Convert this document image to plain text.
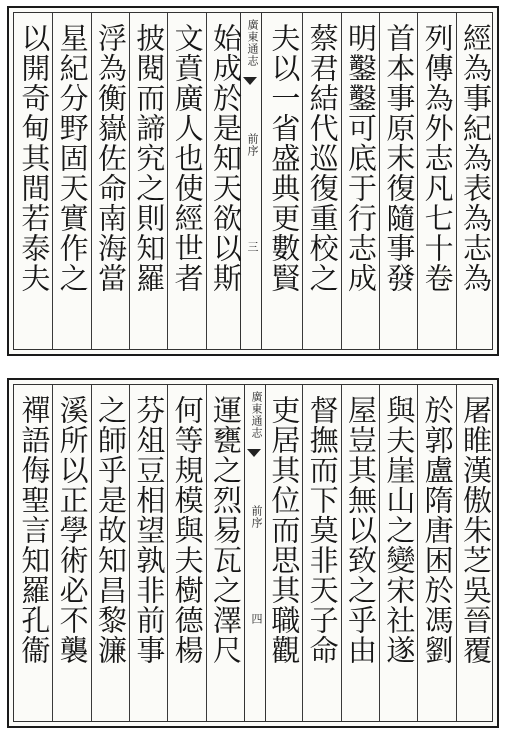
廣東通志
前序
三	經為事紀為表為志為
列傳為外志凡七十卷
首本事原末復隨事發
明鑿鑿可底于行志成
蔡君結代巡復重校之
夫以一省盛典更數賢
始成於是知天欲以斯
文賁廣人也使經世者
披閱而諦究之則知羅
浮為衡嶽佐命南海當
星紀分野固天實作之
以開奇甸其間若泰夫
廣東通志
前序
四	屠睢漢傲朱芝吳晉覆
於郭盧隋唐困於馮劉
與夫崖山之變宋社遂
屋豈其無以致之乎由
督撫而下莫非天子命
吏居其位而思其職觀
運甕之烈易瓦之澤尺
何等規模與夫樹德楊
芬俎豆相望孰非前事
之師乎是故知昌黎濂
溪所以正學術必不襲
禪語侮聖言知羅孔衞
